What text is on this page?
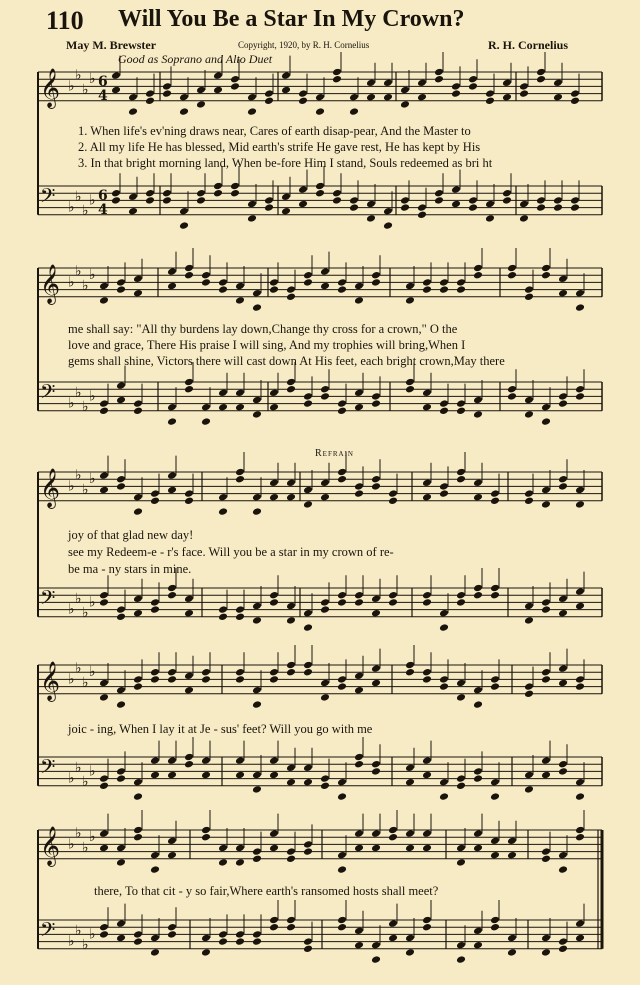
𝄞 ♭
♭
♭
♭ 6
4
𝄢 ♭
♭
♭
♭ 6
4
𝄞 ♭
♭
♭
♭
𝄢 ♭
♭
♭
♭
𝄞 ♭
♭
♭
♭
𝄢 ♭
♭
♭
♭
𝄞 ♭
♭
♭
♭
𝄢 ♭
♭
♭
♭
𝄞 ♭
♭
♭
♭
𝄢 ♭
♭
♭
♭
110 Will You Be a Star In My Crown?
May M. Brewster	Copyright, 1920, by R. H. Cornelius	R. H. Cornelius
Good as Soprano and Alto Duet
1. When life's ev'ning draws near, Cares of earth disap-pear, And the Master to
2. All my life He has blessed, Mid earth's strife He gave rest, He has kept by His
3. In that bright morning land, When be-fore Him I stand, Souls redeemed as bri ht
me shall say: "All thy burdens lay down,Change thy cross for a crown," O the
love and grace, There His praise I will sing, And my trophies will bring,When I
gems shall shine, Victors there will cast down At His feet, each bright crown,May there
Refrain
joy of that glad new day!
see my Redeem-e - r's face. Will you be a star in my crown of re-
be ma - ny stars in mine.
joic - ing, When I lay it at Je - sus' feet? Will you go with me
there, To that cit - y so fair,Where earth's ransomed hosts shall meet?
